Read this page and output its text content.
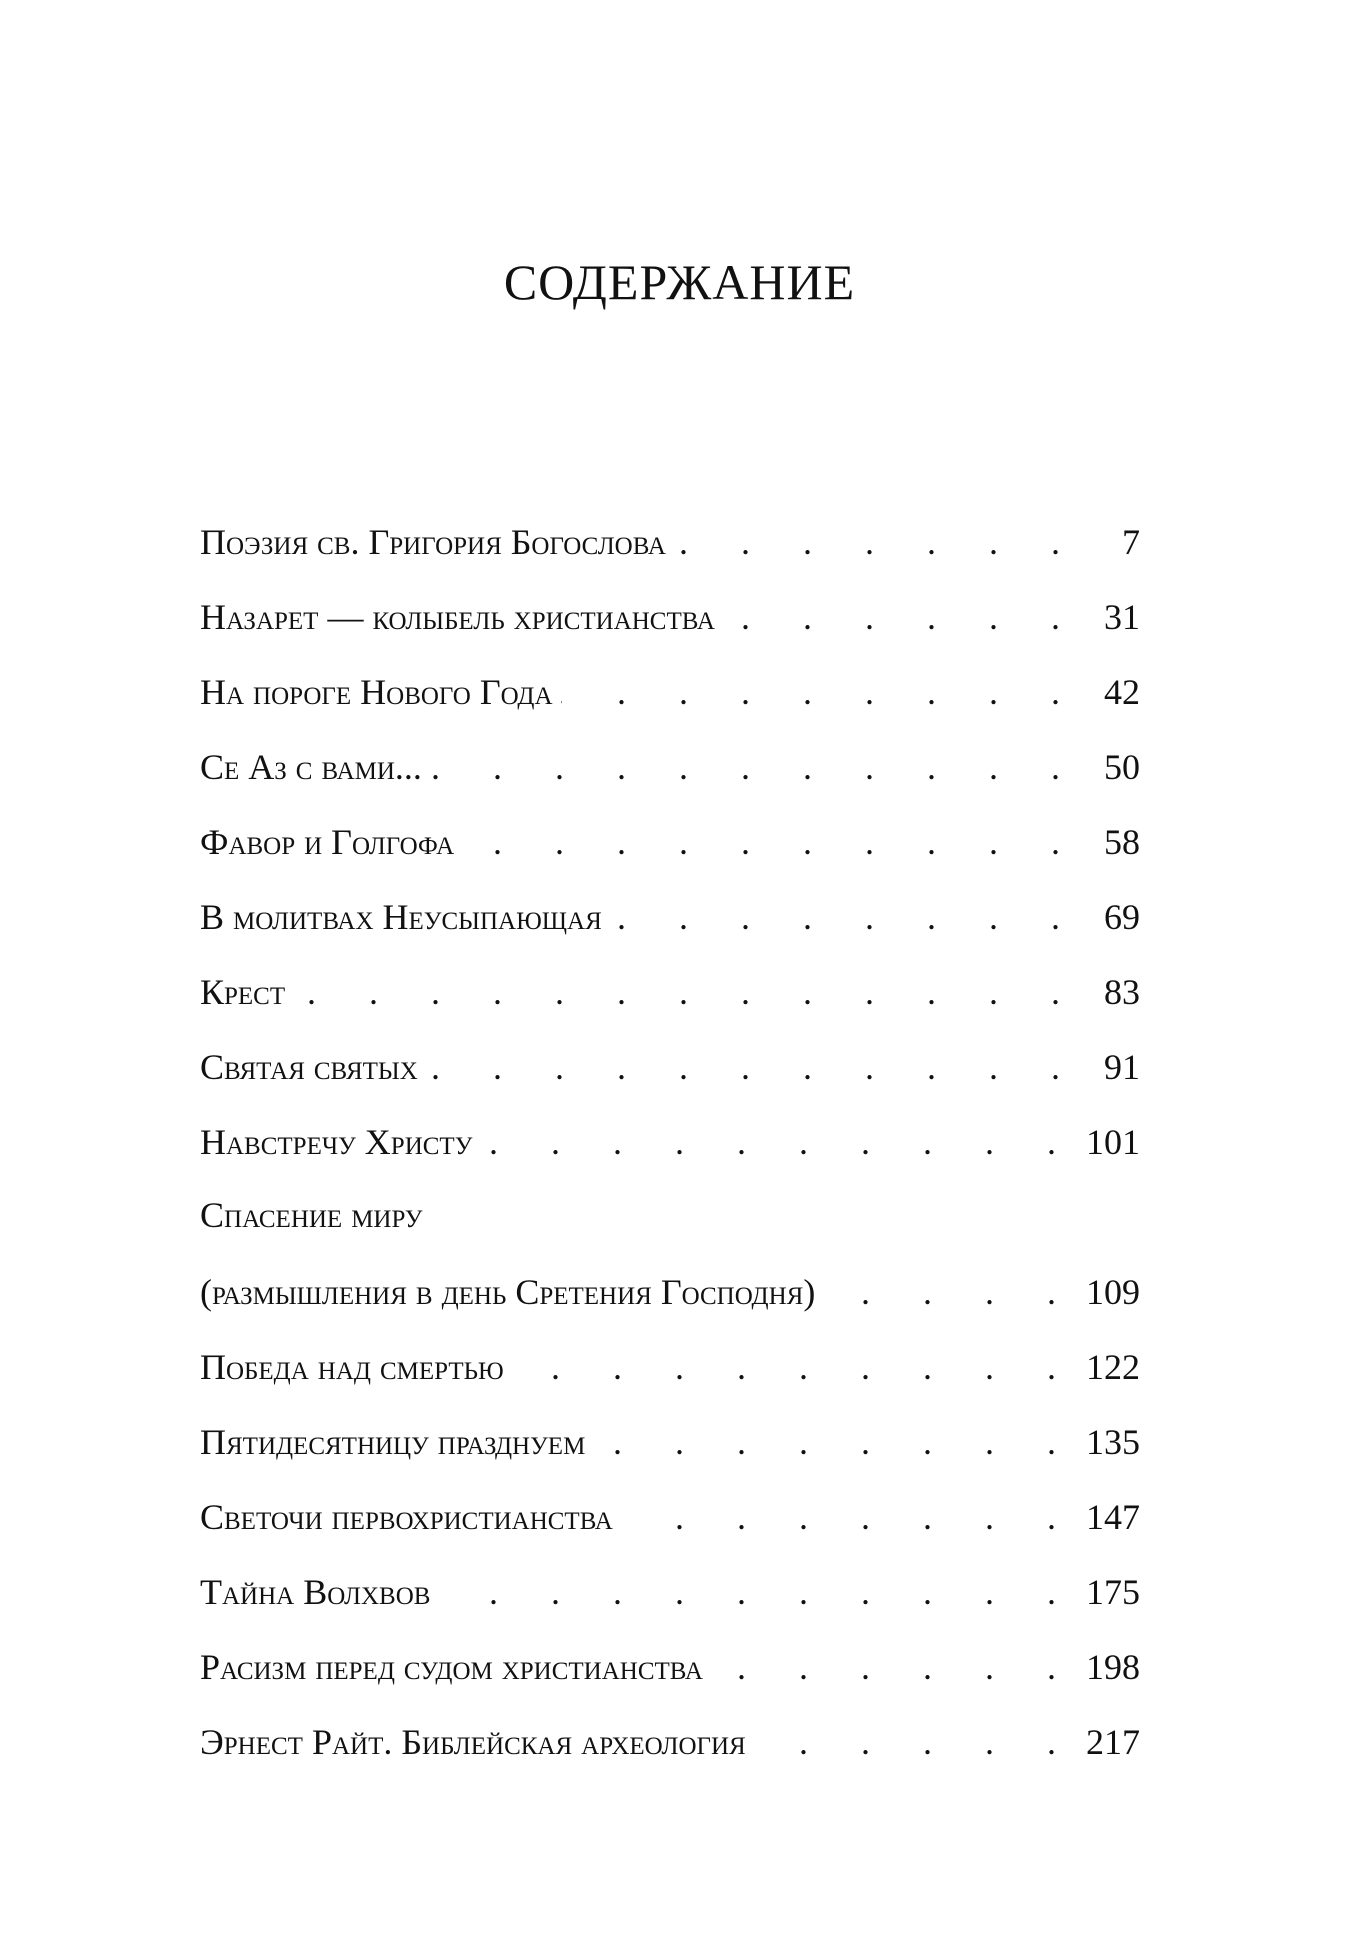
СОДЕРЖАНИЕ
Поэзия св. Григория Богослова . . .	7
Назарет — колыбель христианства . . .	31
На пороге Нового Года . . .	42
Се Аз с вами... . . .	50
Фавор и Голгофа . . .	58
В молитвах Неусыпающая . . .	69
Крест . . .	83
Святая святых . . .	91
Навстречу Христу . . .	101
Спасение миру
(размышления в день Сретения Господня) . . .	109
Победа над смертью . . .	122
Пятидесятницу празднуем . . .	135
Светочи первохристианства . . .	147
Тайна Волхвов . . .	175
Расизм перед судом христианства . . .	198
Эрнест Райт. Библейская археология . . .	217
